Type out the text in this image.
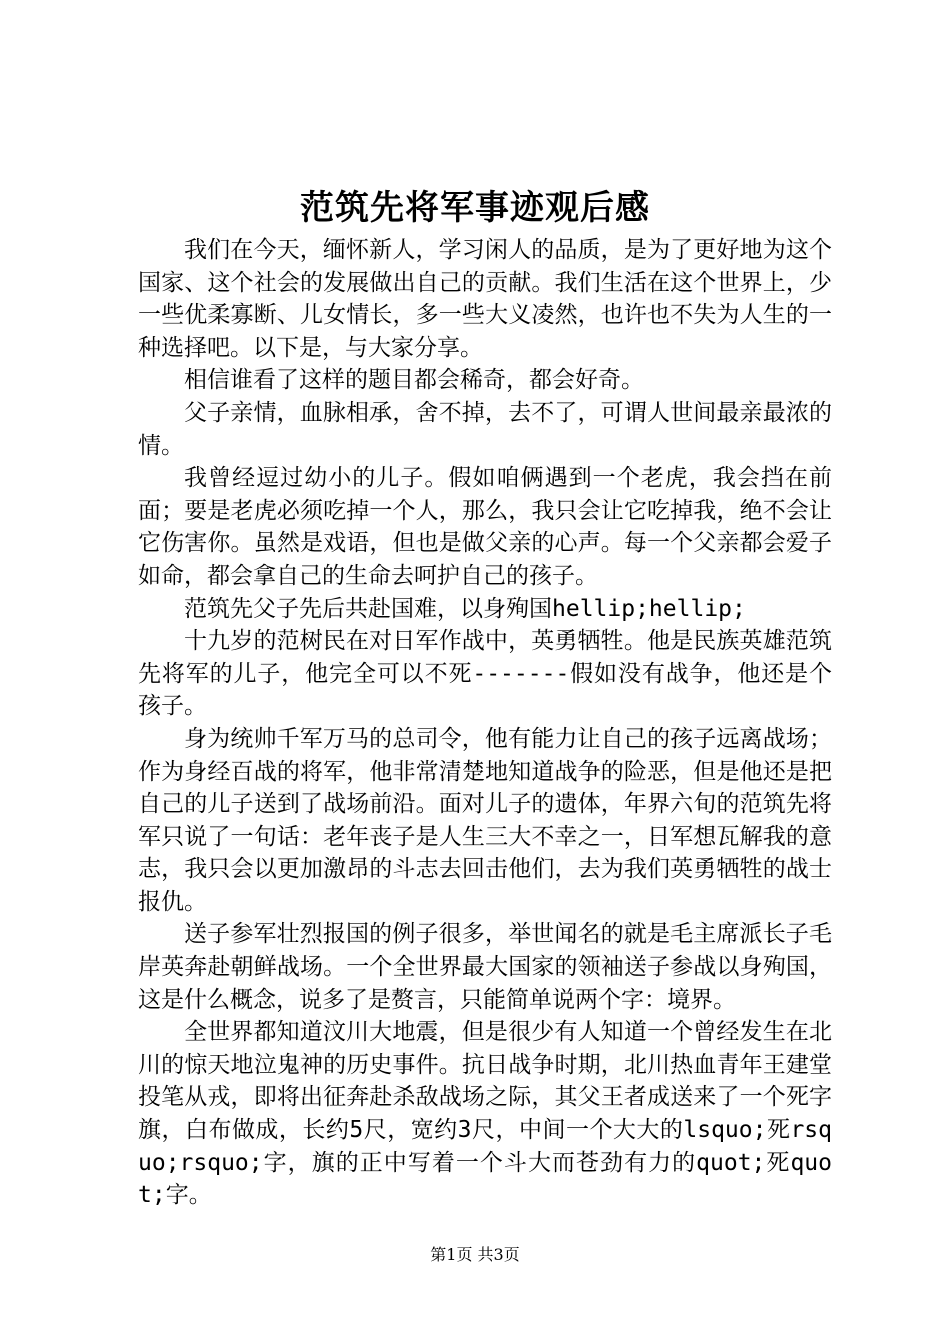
范筑先将军事迹观后感

我们在今天，缅怀新人，学习闲人的品质，是为了更好地为这个国家、这个社会的发展做出自己的贡献。我们生活在这个世界上，少一些优柔寡断、儿女情长，多一些大义凌然，也许也不失为人生的一种选择吧。以下是，与大家分享。

相信谁看了这样的题目都会稀奇，都会好奇。

父子亲情，血脉相承，舍不掉，去不了，可谓人世间最亲最浓的情。

我曾经逗过幼小的儿子。假如咱俩遇到一个老虎，我会挡在前面；要是老虎必须吃掉一个人，那么，我只会让它吃掉我，绝不会让它伤害你。虽然是戏语，但也是做父亲的心声。每一个父亲都会爱子如命，都会拿自己的生命去呵护自己的孩子。

范筑先父子先后共赴国难，以身殉国hellip;hellip;

十九岁的范树民在对日军作战中，英勇牺牲。他是民族英雄范筑先将军的儿子，他完全可以不死-------假如没有战争，他还是个孩子。

身为统帅千军万马的总司令，他有能力让自己的孩子远离战场；作为身经百战的将军，他非常清楚地知道战争的险恶，但是他还是把自己的儿子送到了战场前沿。面对儿子的遗体，年界六旬的范筑先将军只说了一句话：老年丧子是人生三大不幸之一，日军想瓦解我的意志，我只会以更加激昂的斗志去回击他们，去为我们英勇牺牲的战士报仇。

送子参军壮烈报国的例子很多，举世闻名的就是毛主席派长子毛岸英奔赴朝鲜战场。一个全世界最大国家的领袖送子参战以身殉国，这是什么概念，说多了是赘言，只能简单说两个字：境界。

全世界都知道汶川大地震，但是很少有人知道一个曾经发生在北川的惊天地泣鬼神的历史事件。抗日战争时期，北川热血青年王建堂投笔从戎，即将出征奔赴杀敌战场之际，其父王者成送来了一个死字旗，白布做成，长约5尺，宽约3尺，中间一个大大的lsquo;死rsquo;rsquo;字，旗的正中写着一个斗大而苍劲有力的quot;死quot;字。

第1页 共3页
